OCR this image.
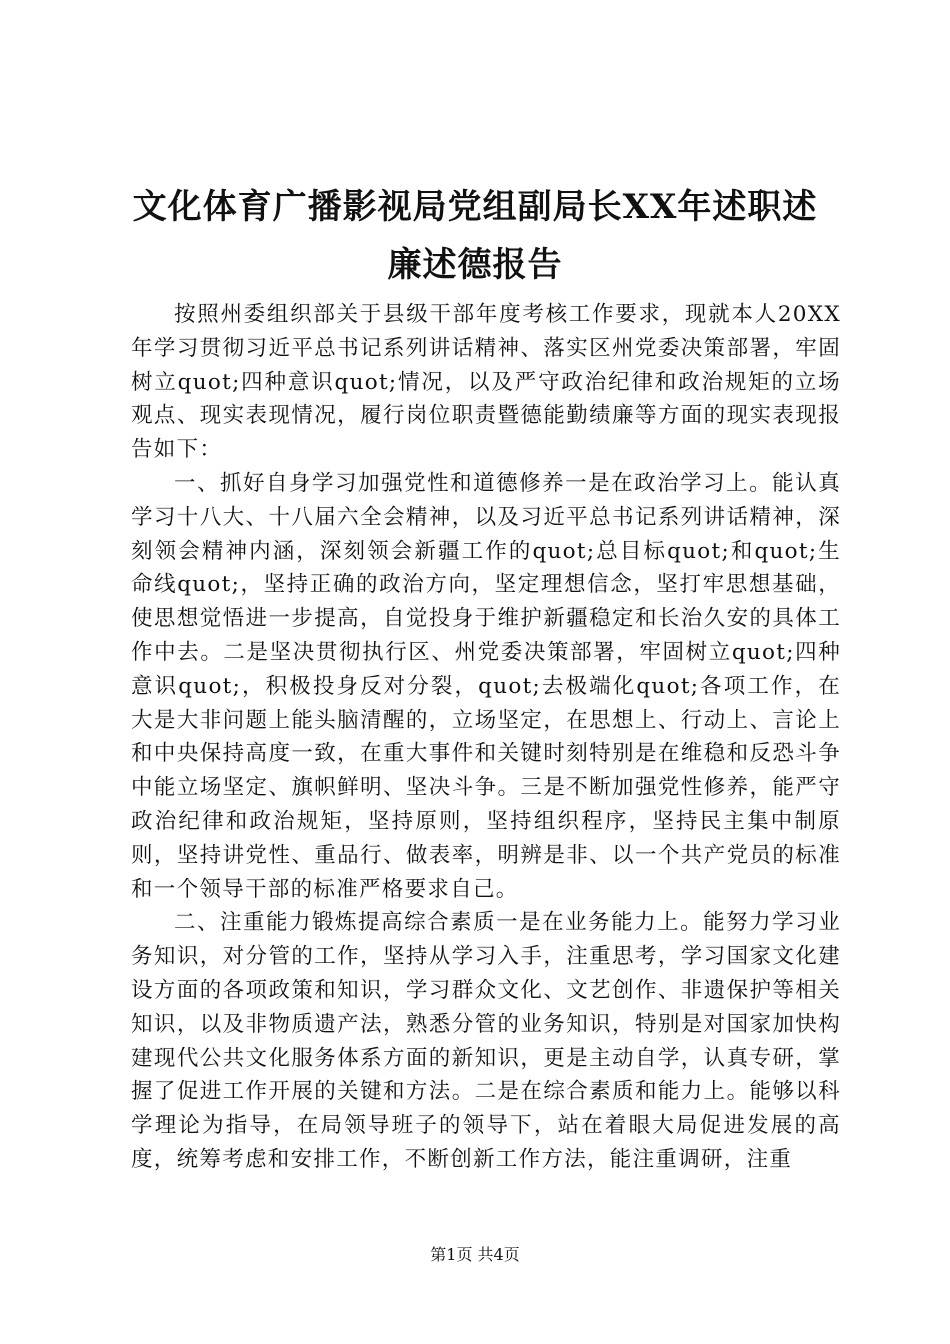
文化体育广播影视局党组副局长XX年述职述
廉述德报告

按照州委组织部关于县级干部年度考核工作要求，现就本人20XX年学习贯彻习近平总书记系列讲话精神、落实区州党委决策部署，牢固树立quot;四种意识quot;情况，以及严守政治纪律和政治规矩的立场观点、现实表现情况，履行岗位职责暨德能勤绩廉等方面的现实表现报告如下：

一、抓好自身学习加强党性和道德修养一是在政治学习上。能认真学习十八大、十八届六全会精神，以及习近平总书记系列讲话精神，深刻领会精神内涵，深刻领会新疆工作的quot;总目标quot;和quot;生命线quot;，坚持正确的政治方向，坚定理想信念，坚打牢思想基础，使思想觉悟进一步提高，自觉投身于维护新疆稳定和长治久安的具体工作中去。二是坚决贯彻执行区、州党委决策部署，牢固树立quot;四种意识quot;，积极投身反对分裂，quot;去极端化quot;各项工作，在大是大非问题上能头脑清醒的，立场坚定，在思想上、行动上、言论上和中央保持高度一致，在重大事件和关键时刻特别是在维稳和反恐斗争中能立场坚定、旗帜鲜明、坚决斗争。三是不断加强党性修养，能严守政治纪律和政治规矩，坚持原则，坚持组织程序，坚持民主集中制原则，坚持讲党性、重品行、做表率，明辨是非、以一个共产党员的标准和一个领导干部的标准严格要求自己。

二、注重能力锻炼提高综合素质一是在业务能力上。能努力学习业务知识，对分管的工作，坚持从学习入手，注重思考，学习国家文化建设方面的各项政策和知识，学习群众文化、文艺创作、非遗保护等相关知识，以及非物质遗产法，熟悉分管的业务知识，特别是对国家加快构建现代公共文化服务体系方面的新知识，更是主动自学，认真专研，掌握了促进工作开展的关键和方法。二是在综合素质和能力上。能够以科学理论为指导，在局领导班子的领导下，站在着眼大局促进发展的高度，统筹考虑和安排工作，不断创新工作方法，能注重调研，注重

第1页 共4页
